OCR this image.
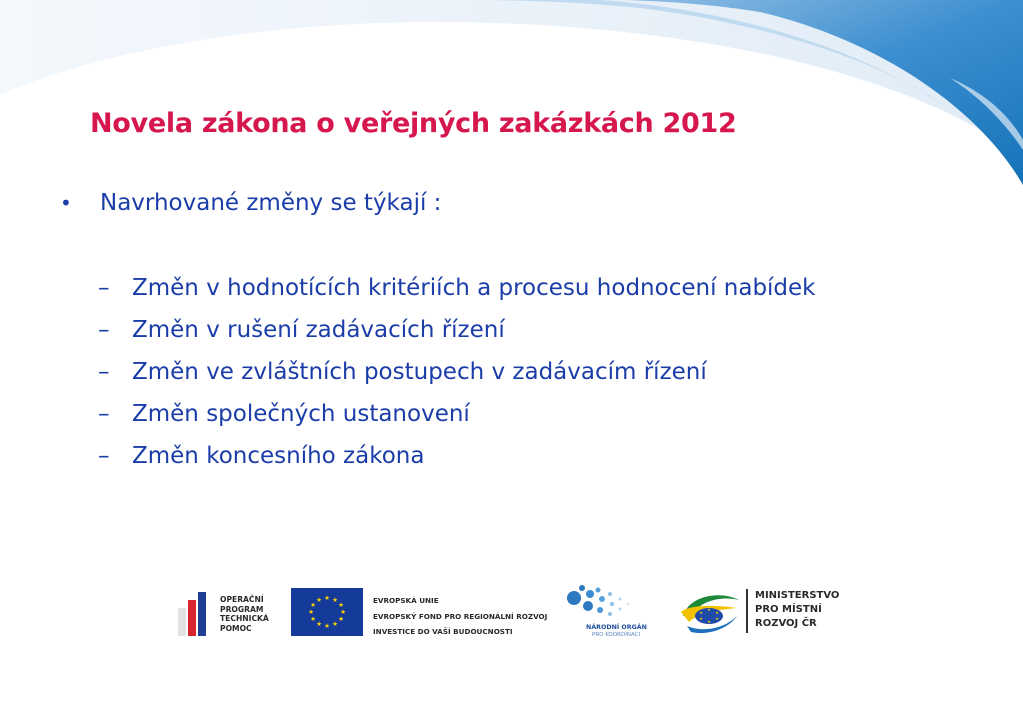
Novela zákona o veřejných zakázkách 2012
• Navrhované změny se týkají :
– Změn v hodnotících kritériích a procesu hodnocení nabídek
– Změn v rušení zadávacích řízení
– Změn ve zvláštních postupech v zadávacím řízení
– Změn společných ustanovení
– Změn koncesního zákona
OPERAČNÍ
PROGRAM
TECHNICKÁ
POMOC
★ ★
★
★
★
★
★
★
★
★
★
★	EVROPSKÁ UNIE
EVROPSKÝ FOND PRO REGIONÁLNÍ ROZVOJ
INVESTICE DO VAŠÍ BUDOUCNOSTI	NÁRODNÍ ORGÁN
PRO KOORDINACI
★
★
★
★
★
★
MINISTERSTVO
PRO MÍSTNÍ
ROZVOJ ČR
